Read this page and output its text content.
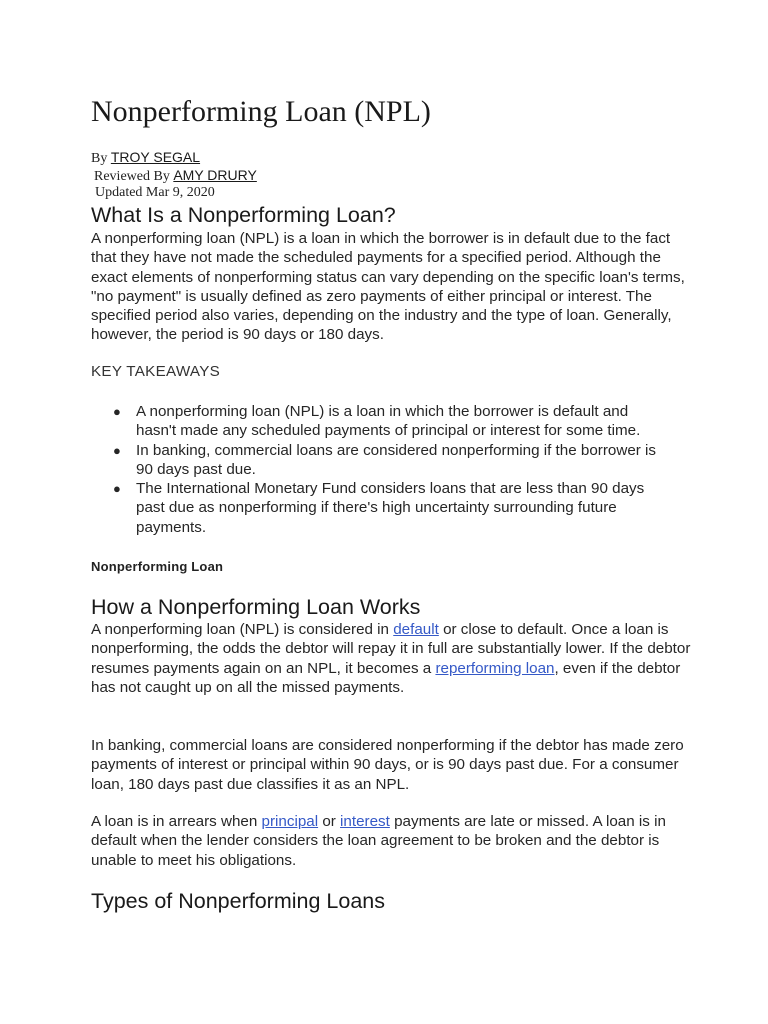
Nonperforming Loan (NPL)
By TROY SEGAL
Reviewed By AMY DRURY
Updated Mar 9, 2020
What Is a Nonperforming Loan?

A nonperforming loan (NPL) is a loan in which the borrower is in default due to the fact that they have not made the scheduled payments for a specified period. Although the exact elements of nonperforming status can vary depending on the specific loan's terms, "no payment" is usually defined as zero payments of either principal or interest. The specified period also varies, depending on the industry and the type of loan. Generally, however, the period is 90 days or 180 days.

KEY TAKEAWAYS
● A nonperforming loan (NPL) is a loan in which the borrower is default and hasn't made any scheduled payments of principal or interest for some time.
● In banking, commercial loans are considered nonperforming if the borrower is 90 days past due.
● The International Monetary Fund considers loans that are less than 90 days past due as nonperforming if there's high uncertainty surrounding future payments.
Nonperforming Loan
How a Nonperforming Loan Works

A nonperforming loan (NPL) is considered in default or close to default. Once a loan is nonperforming, the odds the debtor will repay it in full are substantially lower. If the debtor resumes payments again on an NPL, it becomes a reperforming loan, even if the debtor has not caught up on all the missed payments.

In banking, commercial loans are considered nonperforming if the debtor has made zero payments of interest or principal within 90 days, or is 90 days past due. For a consumer loan, 180 days past due classifies it as an NPL.

A loan is in arrears when principal or interest payments are late or missed. A loan is in default when the lender considers the loan agreement to be broken and the debtor is unable to meet his obligations.

Types of Nonperforming Loans
